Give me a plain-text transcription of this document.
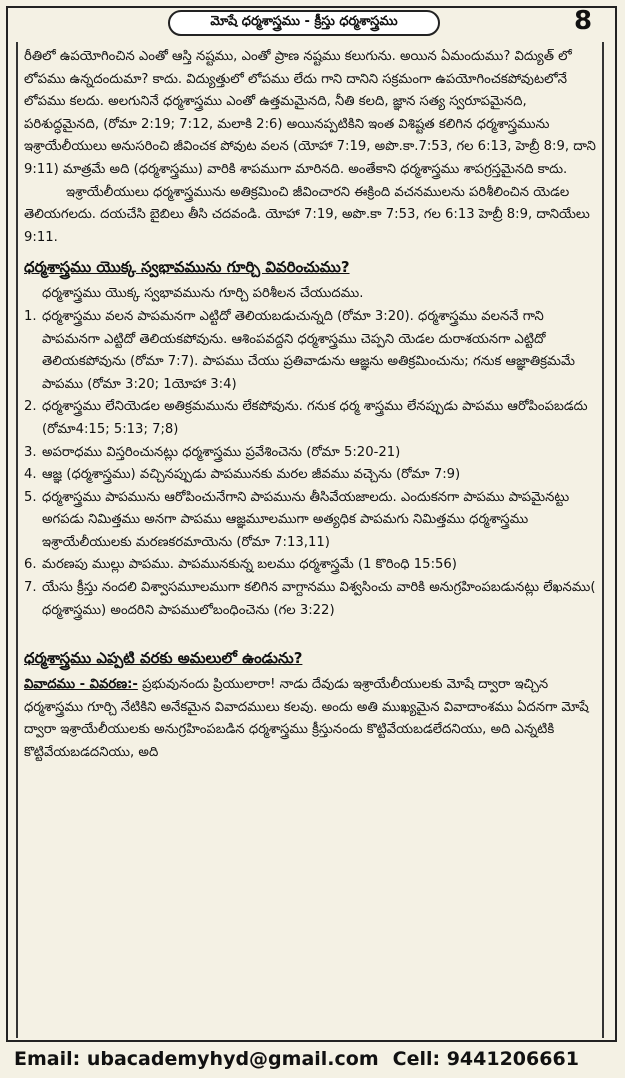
మోషే ధర్మశాస్త్రము - క్రీస్తు ధర్మశాస్త్రము	8

రీతిలో ఉపయోగించిన ఎంతో ఆస్తి నష్టము, ఎంతో ప్రాణ నష్టము కలుగును. అయిన ఏమందుము? విద్యుత్ లో లోపము ఉన్నదందుమా? కాదు. విద్యుత్తులో లోపము లేదు గాని దానిని సక్రమంగా ఉపయోగించకపోవుటలోనే లోపము కలదు. అలగునినే ధర్మశాస్త్రము ఎంతో ఉత్తమమైనది, నీతి కలది, జ్ఞాన సత్య స్వరూపమైనది, పరిశుద్ధమైనది, (రోమా 2:19; 7:12, మలాకి 2:6) అయినప్పటికిని ఇంత విశిష్టత కలిగిన ధర్మశాస్త్రమును ఇశ్రాయేలీయులు అనుసరించి జీవించక పోవుట వలన (యోహా 7:19, అపొ.కా.7:53, గల 6:13, హెబ్రీ 8:9, దాని 9:11) మాత్రమే అది (ధర్మశాస్త్రము) వారికి శాపముగా మారినది. అంతేకాని ధర్మశాస్త్రము శాపగ్రస్తమైనది కాదు.

ఇశ్రాయేలీయులు ధర్మశాస్త్రమును అతిక్రమించి జీవించారని ఈక్రింది వచనములను పరిశీలించిన యెడల తెలియగలదు. దయచేసి బైబిలు తీసి చదవండి. యోహా 7:19, అపొ.కా 7:53, గల 6:13 హెబ్రీ 8:9, దానియేలు 9:11.

ధర్మశాస్త్రము యొక్క స్వభావమును గూర్చి వివరించుము?

ధర్మశాస్త్రము యొక్క స్వభావమును గూర్చి పరిశీలన చేయుదము.

1. ధర్మశాస్త్రము వలన పాపమనగా ఎట్టిదో తెలియబడుచున్నది (రోమా 3:20). ధర్మశాస్త్రము వలననే గాని పాపమనగా ఎట్టిదో తెలియకపోవును. ఆశింపవద్దని ధర్మశాస్త్రము చెప్పని యెడల దురాశయనగా ఎట్టిదో తెలియకపోవును (రోమా 7:7). పాపము చేయు ప్రతివాడును ఆజ్ఞను అతిక్రమించును; గనుక ఆజ్ఞాతిక్రమమే పాపము (రోమా 3:20; 1యోహా 3:4)
2. ధర్మశాస్త్రము లేనియెడల అతిక్రమమును లేకపోవును. గనుక ధర్మ శాస్త్రము లేనప్పుడు పాపము ఆరోపింపబడదు (రోమా4:15; 5:13; 7;8)
3. అపరాధము విస్తరించునట్లు ధర్మశాస్త్రము ప్రవేశించెను (రోమా 5:20-21)
4. ఆజ్ఞ (ధర్మశాస్త్రము) వచ్చినప్పుడు పాపమునకు మరల జీవము వచ్చెను (రోమా 7:9)
5. ధర్మశాస్త్రము పాపమును ఆరోపించునేగాని పాపమును తీసివేయజాలదు. ఎందుకనగా పాపము పాపమైనట్టు అగపడు నిమిత్తము అనగా పాపము ఆజ్ఞమూలముగా అత్యధిక పాపమగు నిమిత్తము ధర్మశాస్త్రము ఇశ్రాయేలీయులకు మరణకరమాయెను (రోమా 7:13,11)
6. మరణపు ముల్లు పాపము. పాపమునకున్న బలము ధర్మశాస్త్రమే (1 కొరింధి 15:56)
7. యేసు క్రీస్తు నందలి విశ్వాసమూలముగా కలిగిన వాగ్దానము విశ్వసించు వారికి అనుగ్రహింపబడునట్లు లేఖనము( ధర్మశాస్త్రము) అందరిని పాపములోబంధించెను (గల 3:22)
ధర్మశాస్త్రము ఎప్పటి వరకు అమలులో ఉండును?

వివాదము - వివరణ:- ప్రభువునందు ప్రియులారా! నాడు దేవుడు ఇశ్రాయేలీయులకు మోషే ద్వారా ఇచ్చిన ధర్మశాస్త్రము గూర్చి నేటికిని అనేకమైన వివాదములు కలవు. అందు అతి ముఖ్యమైన వివాదాంశము ఏదనగా మోషే ద్వారా ఇశ్రాయేలీయులకు అనుగ్రహింపబడిన ధర్మశాస్త్రము క్రీస్తునందు కొట్టివేయబడలేదనియు, అది ఎన్నటికి కొట్టివేయబడదనియు, అది

Email: ubacademyhyd@gmail.com Cell: 9441206661
